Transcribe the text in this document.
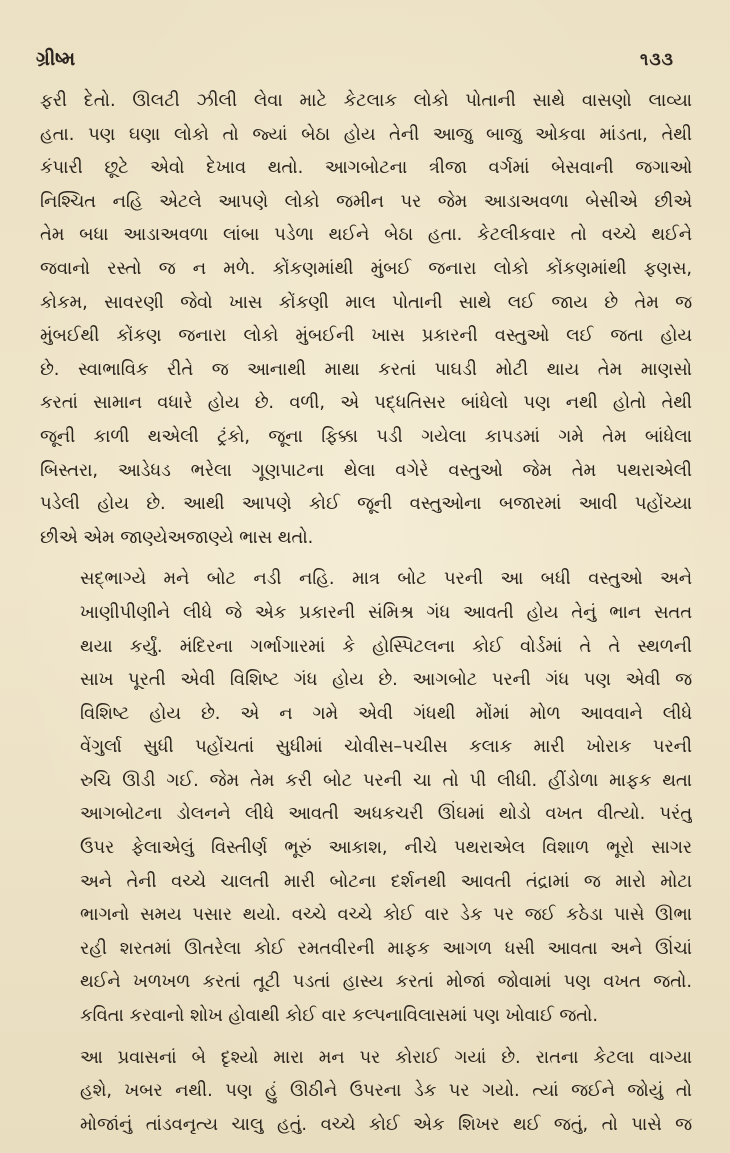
ગ્રીષ્મ	૧૩૩

ફરી દેતો. ઊલટી ઝીલી લેવા માટે કેટલાક લોકો પોતાની સાથે વાસણો લાવ્યા
હતા. પણ ઘણા લોકો તો જ્યાં બેઠા હોય તેની આજુ બાજુ ઓકવા માંડતા, તેથી
કંપારી છૂટે એવો દેખાવ થતો. આગબોટના ત્રીજા વર્ગમાં બેસવાની જગાઓ
નિશ્ચિત નહિ એટલે આપણે લોકો જમીન પર જેમ આડાઅવળા બેસીએ છીએ
તેમ બધા આડાઅવળા લાંબા પડેળા થઈને બેઠા હતા. કેટલીકવાર તો વચ્ચે થઈને
જવાનો રસ્તો જ ન મળે. કોંકણમાંથી મુંબઈ જનારા લોકો કોંકણમાંથી ફણસ,
કોકમ, સાવરણી જેવો ખાસ કોંકણી માલ પોતાની સાથે લઈ જાય છે તેમ જ
મુંબઈથી કોંકણ જનારા લોકો મુંબઈની ખાસ પ્રકારની વસ્તુઓ લઈ જતા હોય
છે. સ્વાભાવિક રીતે જ આનાથી માથા કરતાં પાઘડી મોટી થાય તેમ માણસો
કરતાં સામાન વધારે હોય છે. વળી, એ પદ્ધતિસર બાંધેલો પણ નથી હોતો તેથી
જૂની કાળી થએલી ટ્રંકો, જૂના ફિક્કા પડી ગયેલા કાપડમાં ગમે તેમ બાંધેલા
બિસ્તરા, આડેધડ ભરેલા ગૂણપાટના થેલા વગેરે વસ્તુઓ જેમ તેમ પથરાએલી
પડેલી હોય છે. આથી આપણે કોઈ જૂની વસ્તુઓના બજારમાં આવી પહોંચ્યા
છીએ એમ જાણ્યેઅજાણ્યે ભાસ થતો.

સદ્ભાગ્યે મને બોટ નડી નહિ. માત્ર બોટ પરની આ બધી વસ્તુઓ અને
ખાણીપીણીને લીધે જે એક પ્રકારની સંમિશ્ર ગંધ આવતી હોય તેનું ભાન સતત
થયા કર્યું. મંદિરના ગર્ભાગારમાં કે હોસ્પિટલના કોઈ વોર્ડમાં તે તે સ્થળની
સાખ પૂરતી એવી વિશિષ્ટ ગંધ હોય છે. આગબોટ પરની ગંધ પણ એવી જ
વિશિષ્ટ હોય છે. એ ન ગમે એવી ગંધથી મોંમાં મોળ આવવાને લીધે
વેંગુર્લા સુધી પહોંચતાં સુધીમાં ચોવીસ–પચીસ કલાક મારી ખોરાક પરની
રુચિ ઊડી ગઈ. જેમ તેમ કરી બોટ પરની ચા તો પી લીધી. હીંડોળા માફક થતા
આગબોટના ડોલનને લીધે આવતી અધકચરી ઊંઘમાં થોડો વખત વીત્યો. પરંતુ
ઉપર ફેલાએલું વિસ્તીર્ણ ભૂરું આકાશ, નીચે પથરાએલ વિશાળ ભૂરો સાગર
અને તેની વચ્ચે ચાલતી મારી બોટના દર્શનથી આવતી તંદ્રામાં જ મારો મોટા
ભાગનો સમય પસાર થયો. વચ્ચે વચ્ચે કોઈ વાર ડેક પર જઈ કઠેડા પાસે ઊભા
રહી શરતમાં ઊતરેલા કોઈ રમતવીરની માફક આગળ ધસી આવતા અને ઊંચાં
થઈને ખળખળ કરતાં તૂટી પડતાં હાસ્ય કરતાં મોજાં જોવામાં પણ વખત જતો.
કવિતા કરવાનો શોખ હોવાથી કોઈ વાર કલ્પનાવિલાસમાં પણ ખોવાઈ જતો.

આ પ્રવાસનાં બે દૃશ્યો મારા મન પર કોરાઈ ગયાં છે. રાતના કેટલા વાગ્યા
હશે, ખબર નથી. પણ હું ઊઠીને ઉપરના ડેક પર ગયો. ત્યાં જઈને જોયું તો
મોજાંનું તાંડવનૃત્ય ચાલુ હતું. વચ્ચે કોઈ એક શિખર થઈ જતું, તો પાસે જ
